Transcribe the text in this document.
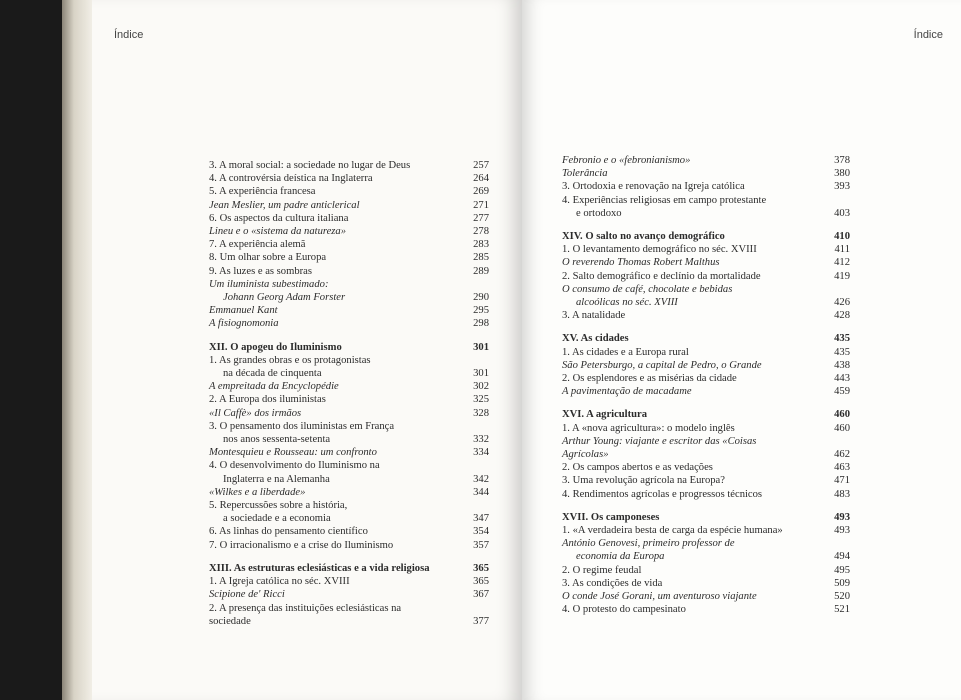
Índice
3. A moral social: a sociedade no lugar de Deus	257
4. A controvérsia deística na Inglaterra	264
5. A experiência francesa	269
Jean Meslier, um padre anticlerical	271
6. Os aspectos da cultura italiana	277
Lineu e o «sistema da natureza»	278
7. A experiência alemã	283
8. Um olhar sobre a Europa	285
9. As luzes e as sombras	289
Um iluminista subestimado:
Johann Georg Adam Forster	290
Emmanuel Kant	295
A fisiognomonia	298
XII. O apogeu do Iluminismo	301
1. As grandes obras e os protagonistas
na década de cinquenta	301
A empreitada da Encyclopédie	302
2. A Europa dos iluministas	325
«Il Caffè» dos irmãos	328
3. O pensamento dos iluministas em França
nos anos sessenta-setenta	332
Montesquieu e Rousseau: um confronto	334
4. O desenvolvimento do Iluminismo na
Inglaterra e na Alemanha	342
«Wilkes e a liberdade»	344
5. Repercussões sobre a história,
a sociedade e a economia	347
6. As linhas do pensamento científico	354
7. O irracionalismo e a crise do Iluminismo	357
XIII. As estruturas eclesiásticas e a vida religiosa	365
1. A Igreja católica no séc. XVIII	365
Scipione de' Ricci	367
2. A presença das instituições eclesiásticas na sociedade	377
Índice
Febronio e o «febronianismo»	378
Tolerância	380
3. Ortodoxia e renovação na Igreja católica	393
4. Experiências religiosas em campo protestante
e ortodoxo	403
XIV. O salto no avanço demográfico	410
1. O levantamento demográfico no séc. XVIII	411
O reverendo Thomas Robert Malthus	412
2. Salto demográfico e declínio da mortalidade	419
O consumo de café, chocolate e bebidas
alcoólicas no séc. XVIII	426
3. A natalidade	428
XV. As cidades	435
1. As cidades e a Europa rural	435
São Petersburgo, a capital de Pedro, o Grande	438
2. Os esplendores e as misérias da cidade	443
A pavimentação de macadame	459
XVI. A agricultura	460
1. A «nova agricultura»: o modelo inglês	460
Arthur Young: viajante e escritor das «Coisas Agrícolas»	462
2. Os campos abertos e as vedações	463
3. Uma revolução agrícola na Europa?	471
4. Rendimentos agrícolas e progressos técnicos	483
XVII. Os camponeses	493
1. «A verdadeira besta de carga da espécie humana»	493
António Genovesi, primeiro professor de
economia da Europa	494
2. O regime feudal	495
3. As condições de vida	509
O conde José Gorani, um aventuroso viajante	520
4. O protesto do campesinato	521
